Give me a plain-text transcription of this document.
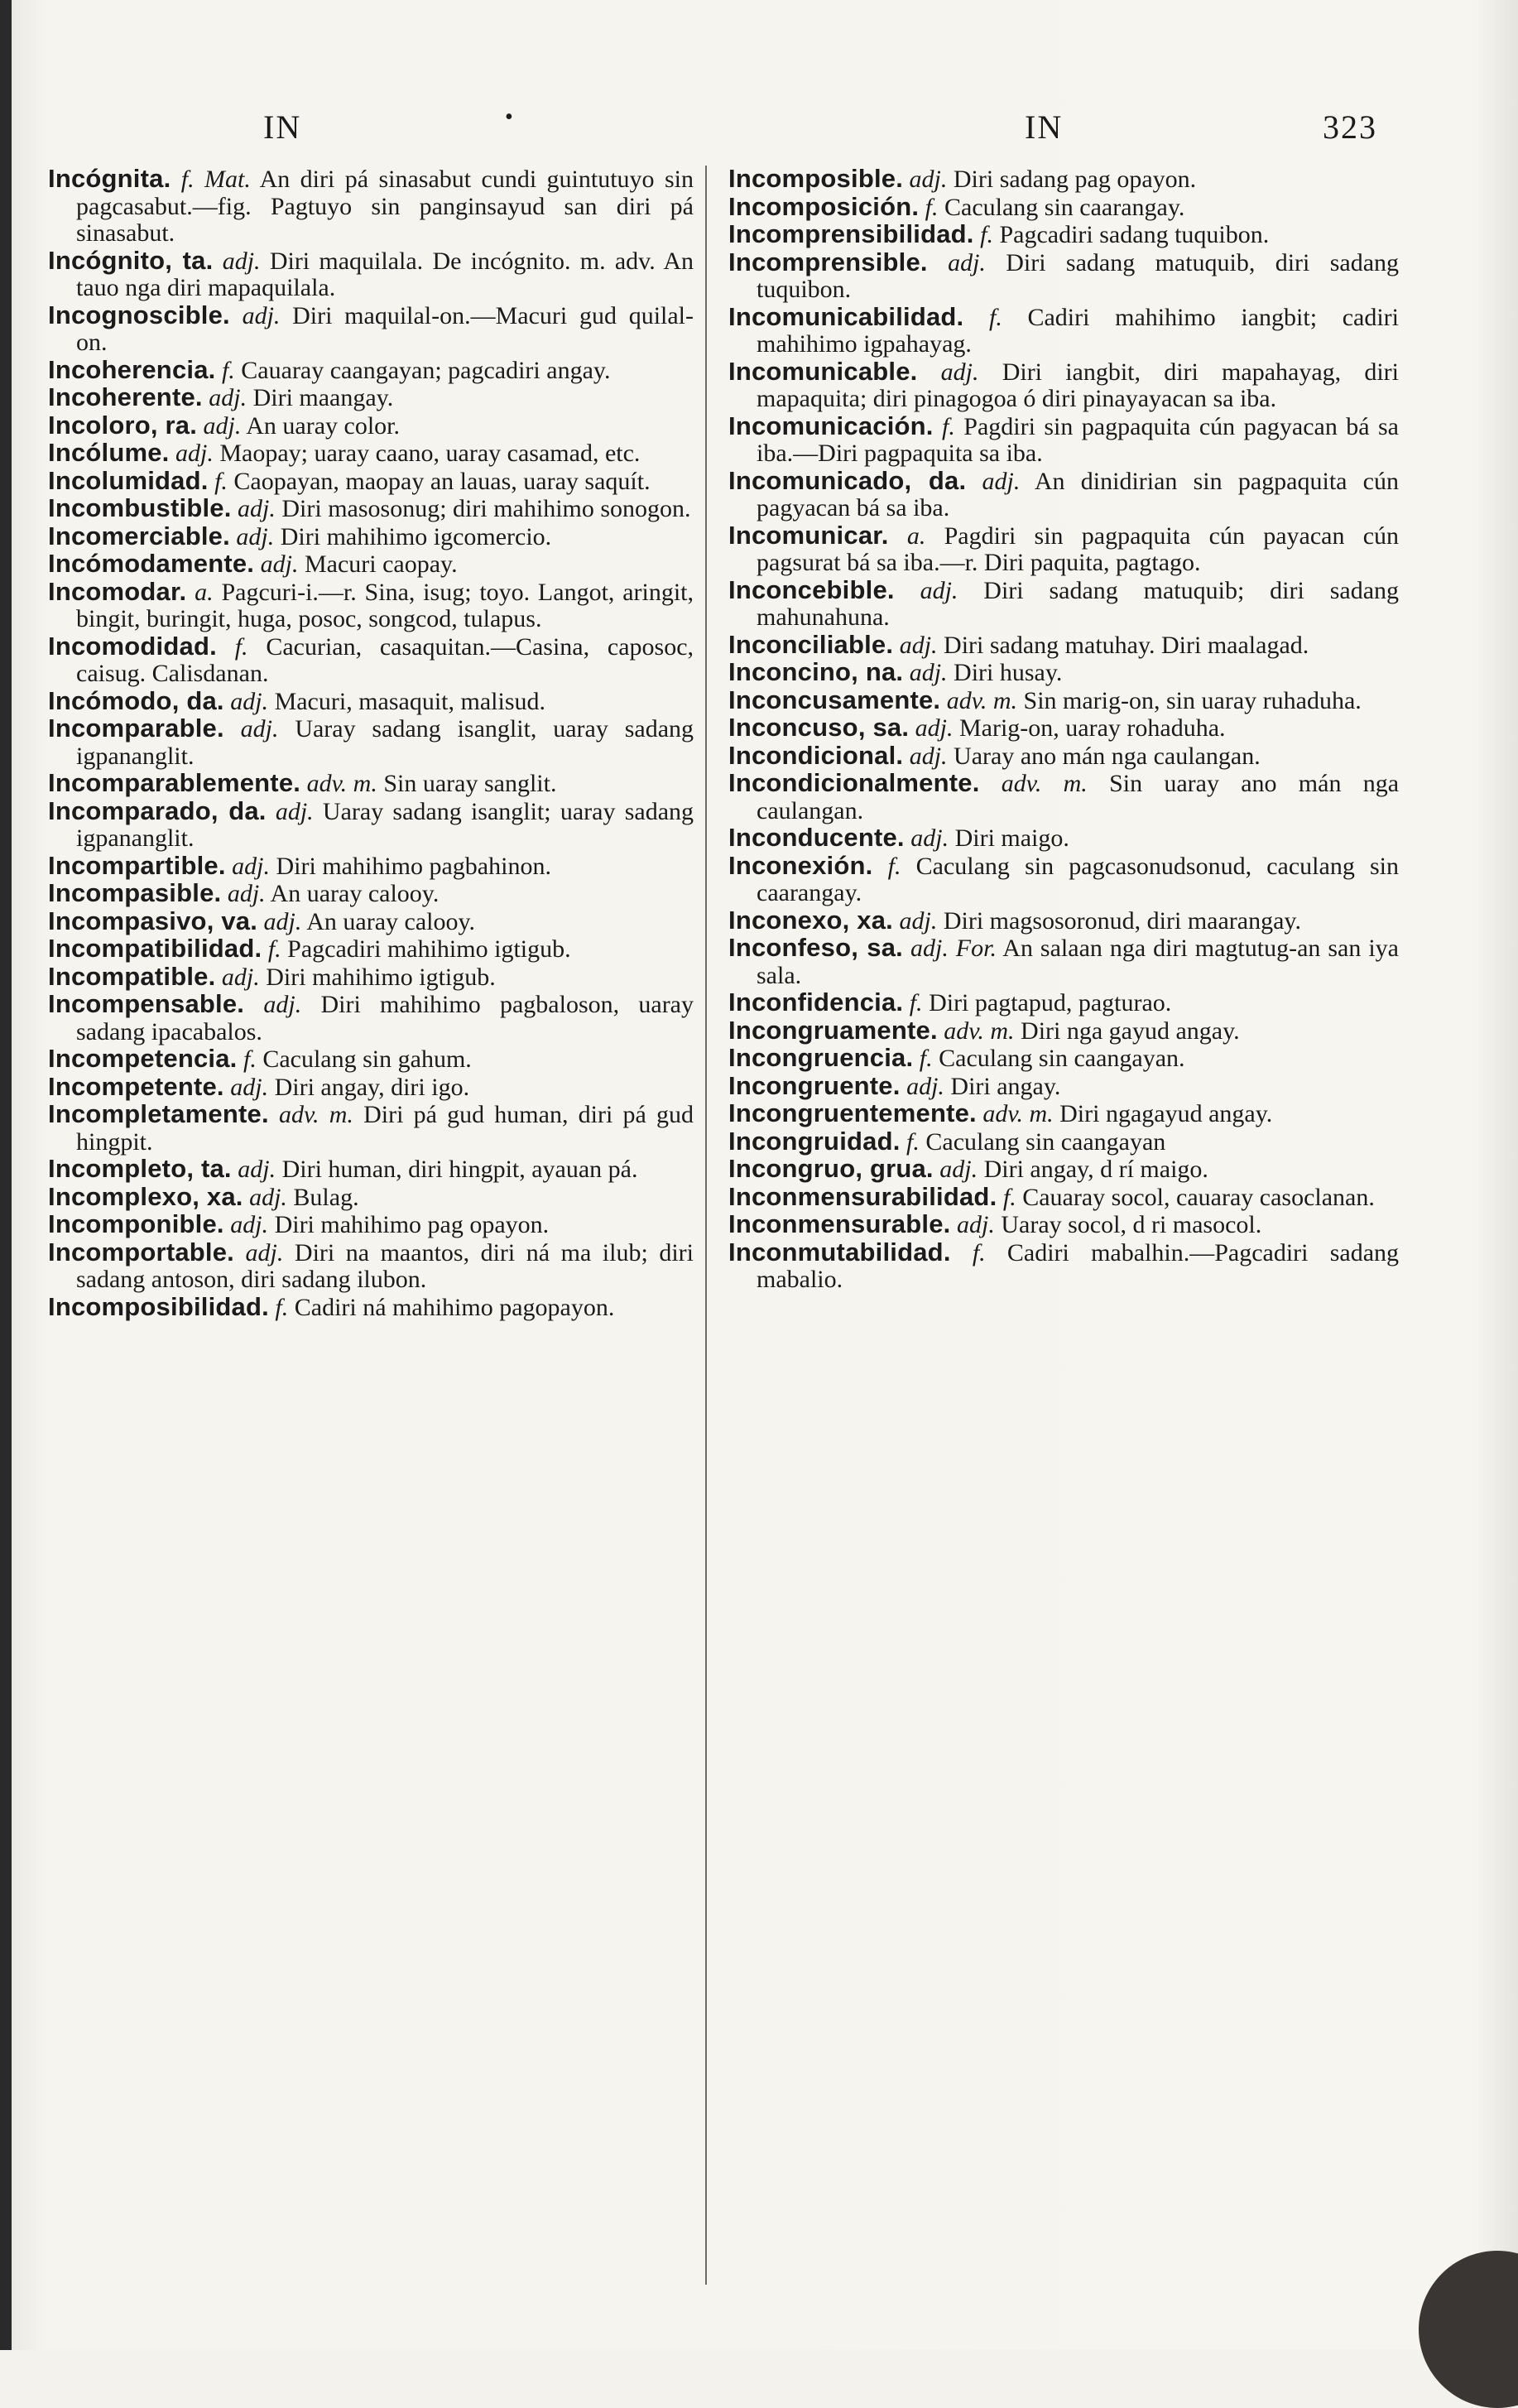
IN	•	IN	323

Incógnita. f. Mat. An diri pá sinasabut cundi guintutuyo sin pagcasabut.—fig. Pagtuyo sin panginsayud san diri pá sinasabut.

Incógnito, ta. adj. Diri maquilala. De incógnito. m. adv. An tauo nga diri mapaquilala.

Incognoscible. adj. Diri maquilal-on.—Macuri gud quilal-on.

Incoherencia. f. Cauaray caangayan; pagcadiri angay.

Incoherente. adj. Diri maangay.

Incoloro, ra. adj. An uaray color.

Incólume. adj. Maopay; uaray caano, uaray casamad, etc.

Incolumidad. f. Caopayan, maopay an lauas, uaray saquít.

Incombustible. adj. Diri masosonug; diri mahihimo sonogon.

Incomerciable. adj. Diri mahihimo igcomercio.

Incómodamente. adj. Macuri caopay.

Incomodar. a. Pagcuri-i.—r. Sina, isug; toyo. Langot, aringit, bingit, buringit, huga, posoc, songcod, tulapus.

Incomodidad. f. Cacurian, casaquitan.—Casina, caposoc, caisug. Calisdanan.

Incómodo, da. adj. Macuri, masaquit, malisud.

Incomparable. adj. Uaray sadang isanglit, uaray sadang igpananglit.

Incomparablemente. adv. m. Sin uaray sanglit.

Incomparado, da. adj. Uaray sadang isanglit; uaray sadang igpananglit.

Incompartible. adj. Diri mahihimo pagbahinon.

Incompasible. adj. An uaray calooy.

Incompasivo, va. adj. An uaray calooy.

Incompatibilidad. f. Pagcadiri mahihimo igtigub.

Incompatible. adj. Diri mahihimo igtigub.

Incompensable. adj. Diri mahihimo pagbaloson, uaray sadang ipacabalos.

Incompetencia. f. Caculang sin gahum.

Incompetente. adj. Diri angay, diri igo.

Incompletamente. adv. m. Diri pá gud human, diri pá gud hingpit.

Incompleto, ta. adj. Diri human, diri hingpit, ayauan pá.

Incomplexo, xa. adj. Bulag.

Incomponible. adj. Diri mahihimo pag opayon.

Incomportable. adj. Diri na maantos, diri ná ma ilub; diri sadang antoson, diri sadang ilubon.

Incomposibilidad. f. Cadiri ná mahihimo pagopayon.

Incomposible. adj. Diri sadang pag opayon.

Incomposición. f. Caculang sin caarangay.

Incomprensibilidad. f. Pagcadiri sadang tuquibon.

Incomprensible. adj. Diri sadang matuquib, diri sadang tuquibon.

Incomunicabilidad. f. Cadiri mahihimo iangbit; cadiri mahihimo igpahayag.

Incomunicable. adj. Diri iangbit, diri mapahayag, diri mapaquita; diri pinagogoa ó diri pinayayacan sa iba.

Incomunicación. f. Pagdiri sin pagpaquita cún pagyacan bá sa iba.—Diri pagpaquita sa iba.

Incomunicado, da. adj. An dinidirian sin pagpaquita cún pagyacan bá sa iba.

Incomunicar. a. Pagdiri sin pagpaquita cún payacan cún pagsurat bá sa iba.—r. Diri paquita, pagtago.

Inconcebible. adj. Diri sadang matuquib; diri sadang mahunahuna.

Inconciliable. adj. Diri sadang matuhay. Diri maalagad.

Inconcino, na. adj. Diri husay.

Inconcusamente. adv. m. Sin marig-on, sin uaray ruhaduha.

Inconcuso, sa. adj. Marig-on, uaray rohaduha.

Incondicional. adj. Uaray ano mán nga caulangan.

Incondicionalmente. adv. m. Sin uaray ano mán nga caulangan.

Inconducente. adj. Diri maigo.

Inconexión. f. Caculang sin pagcasonudsonud, caculang sin caarangay.

Inconexo, xa. adj. Diri magsosoronud, diri maarangay.

Inconfeso, sa. adj. For. An salaan nga diri magtutug-an san iya sala.

Inconfidencia. f. Diri pagtapud, pagturao.

Incongruamente. adv. m. Diri nga gayud angay.

Incongruencia. f. Caculang sin caangayan.

Incongruente. adj. Diri angay.

Incongruentemente. adv. m. Diri ngagayud angay.

Incongruidad. f. Caculang sin caangayan

Incongruo, grua. adj. Diri angay, d rí maigo.

Inconmensurabilidad. f. Cauaray socol, cauaray casoclanan.

Inconmensurable. adj. Uaray socol, d ri masocol.

Inconmutabilidad. f. Cadiri mabalhin.—Pagcadiri sadang mabalio.
